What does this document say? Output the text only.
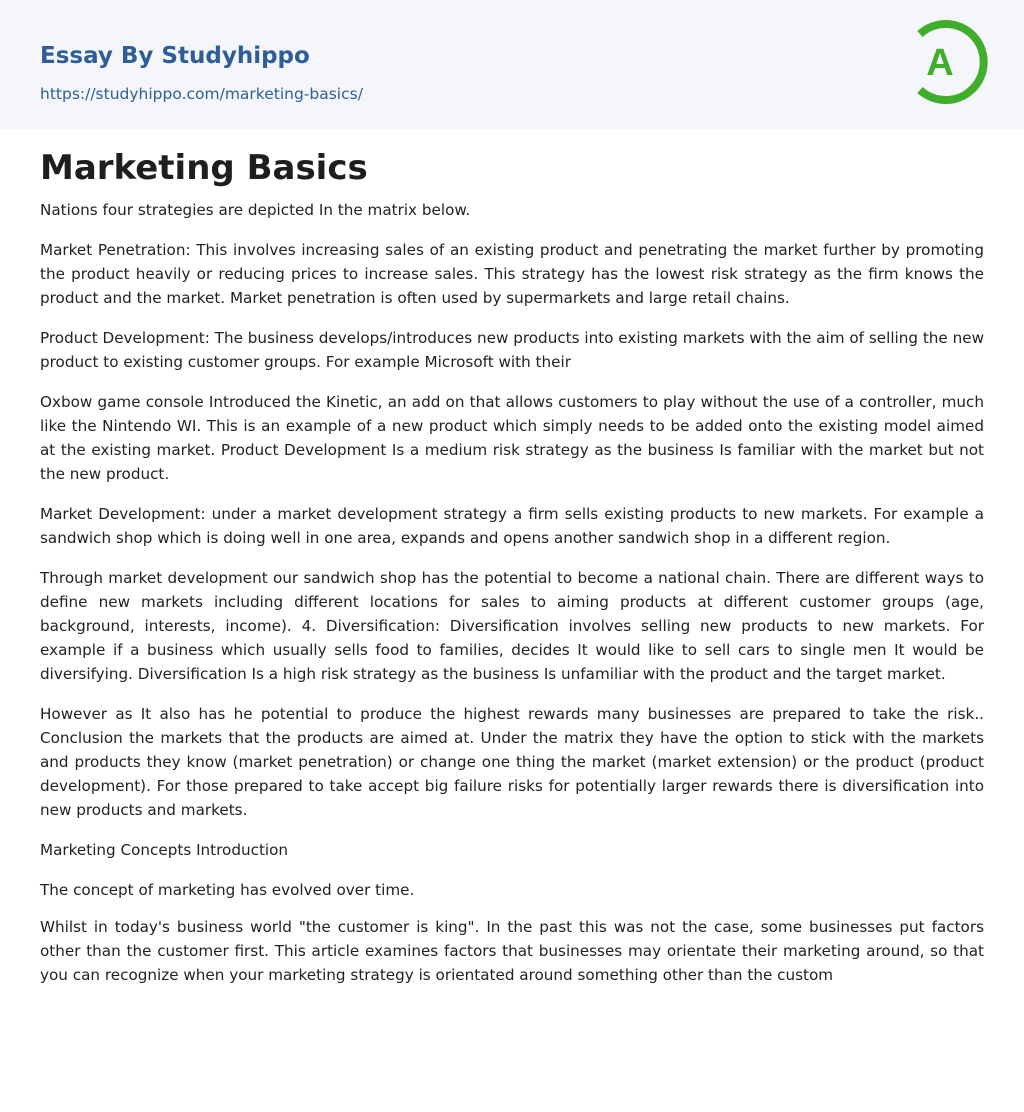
Essay By Studyhippo
https://studyhippo.com/marketing-basics/
A
Marketing Basics

Nations four strategies are depicted In the matrix below.

Market Penetration: This involves increasing sales of an existing product and penetrating the market further by promoting the product heavily or reducing prices to increase sales. This strategy has the lowest risk strategy as the firm knows the product and the market. Market penetration is often used by supermarkets and large retail chains.

Product Development: The business develops/introduces new products into existing markets with the aim of selling the new product to existing customer groups. For example Microsoft with their

Oxbow game console Introduced the Kinetic, an add on that allows customers to play without the use of a controller, much like the Nintendo WI. This is an example of a new product which simply needs to be added onto the existing model aimed at the existing market. Product Development Is a medium risk strategy as the business Is familiar with the market but not the new product.

Market Development: under a market development strategy a firm sells existing products to new markets. For example a sandwich shop which is doing well in one area, expands and opens another sandwich shop in a different region.

Through market development our sandwich shop has the potential to become a national chain. There are different ways to define new markets including different locations for sales to aiming products at different customer groups (age, background, interests, income). 4. Diversification: Diversification involves selling new products to new markets. For example if a business which usually sells food to families, decides It would like to sell cars to single men It would be diversifying. Diversification Is a high risk strategy as the business Is unfamiliar with the product and the target market.

However as It also has he potential to produce the highest rewards many businesses are prepared to take the risk.. Conclusion the markets that the products are aimed at. Under the matrix they have the option to stick with the markets and products they know (market penetration) or change one thing the market (market extension) or the product (product development). For those prepared to take accept big failure risks for potentially larger rewards there is diversification into new products and markets.

Marketing Concepts Introduction

The concept of marketing has evolved over time.

Whilst in today's business world "the customer is king". In the past this was not the case, some businesses put factors other than the customer first. This article examines factors that businesses may orientate their marketing around, so that you can recognize when your marketing strategy is orientated around something other than the custom
